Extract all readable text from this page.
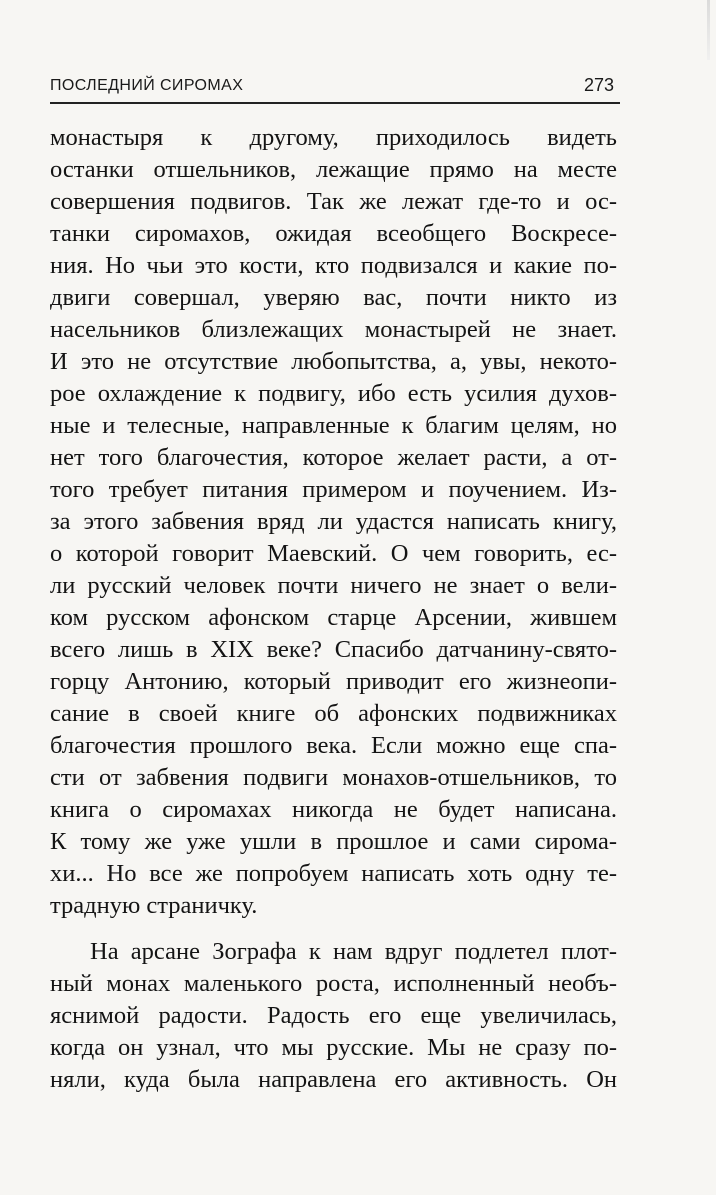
ПОСЛЕДНИЙ СИРОМАХ	273
монастыря к другому, приходилось видеть
останки отшельников, лежащие прямо на месте
совершения подвигов. Так же лежат где-то и ос-
танки сиромахов, ожидая всеобщего Воскресе-
ния. Но чьи это кости, кто подвизался и какие по-
двиги совершал, уверяю вас, почти никто из
насельников близлежащих монастырей не знает.
И это не отсутствие любопытства, а, увы, некото-
рое охлаждение к подвигу, ибо есть усилия духов-
ные и телесные, направленные к благим целям, но
нет того благочестия, которое желает расти, а от-
того требует питания примером и поучением. Из-
за этого забвения вряд ли удастся написать книгу,
о которой говорит Маевский. О чем говорить, ес-
ли русский человек почти ничего не знает о вели-
ком русском афонском старце Арсении, жившем
всего лишь в XIX веке? Спасибо датчанину-свято-
горцу Антонию, который приводит его жизнеопи-
сание в своей книге об афонских подвижниках
благочестия прошлого века. Если можно еще спа-
сти от забвения подвиги монахов-отшельников, то
книга о сиромахах никогда не будет написана.
К тому же уже ушли в прошлое и сами сирома-
хи... Но все же попробуем написать хоть одну те-
традную страничку.
На арсане Зографа к нам вдруг подлетел плот-
ный монах маленького роста, исполненный необъ-
яснимой радости. Радость его еще увеличилась,
когда он узнал, что мы русские. Мы не сразу по-
няли, куда была направлена его активность. Он
